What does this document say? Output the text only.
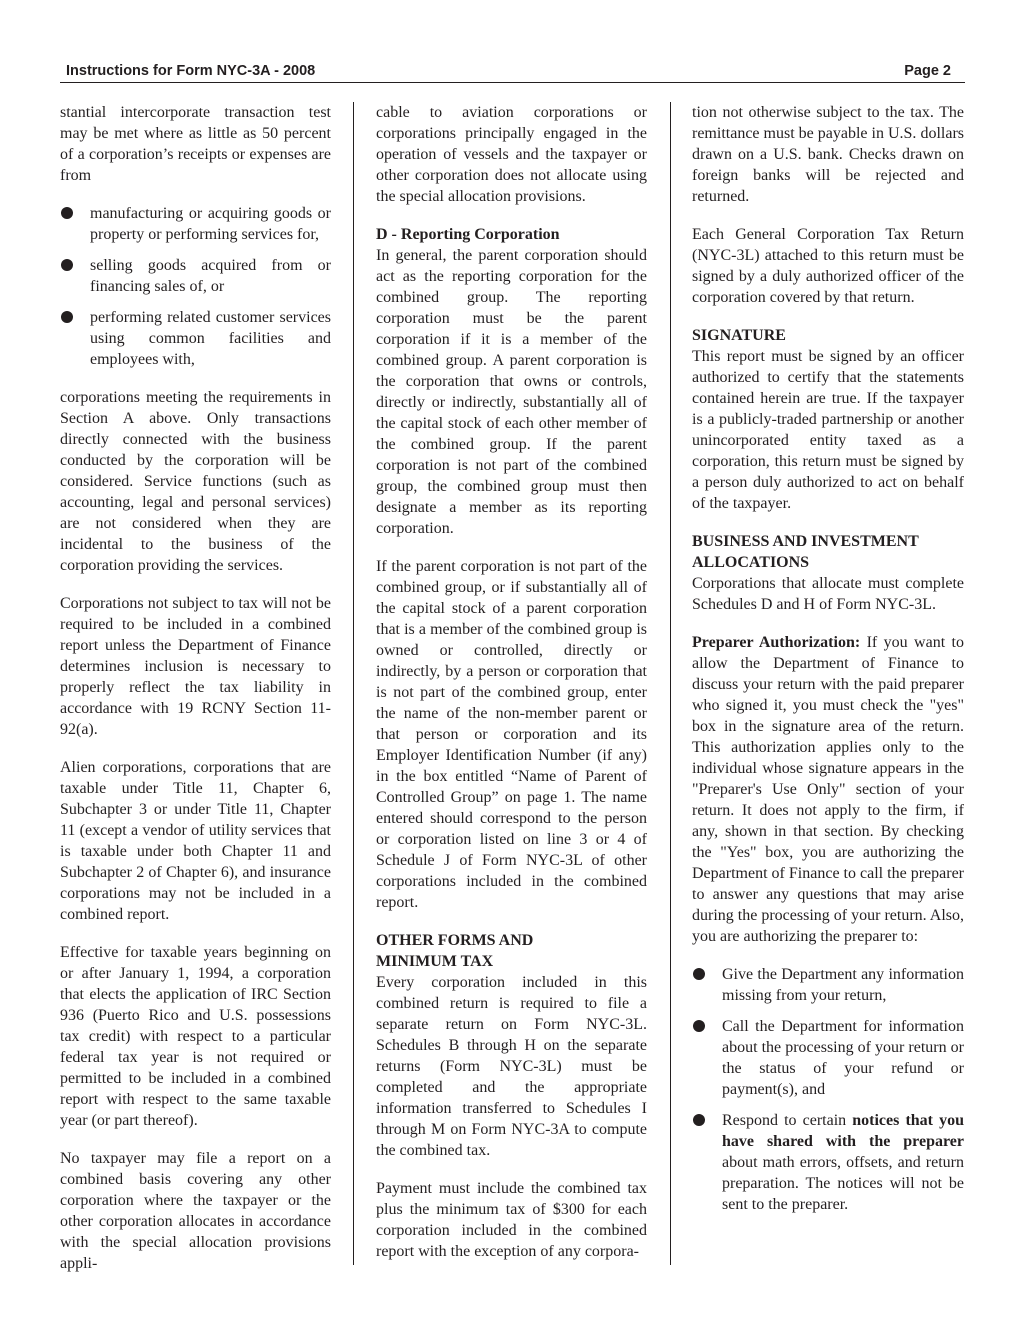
Instructions for Form NYC-3A - 2008	Page 2

stantial intercorporate transaction test may be met where as little as 50 percent of a corporation’s receipts or expenses are from

manufacturing or acquiring goods or property or performing services for,
selling goods acquired from or financing sales of, or
performing related customer services using common facilities and employees with,

corporations meeting the requirements in Section A above. Only transactions directly connected with the business conducted by the corporation will be considered. Service functions (such as accounting, legal and personal services) are not considered when they are incidental to the business of the corporation providing the services.

Corporations not subject to tax will not be required to be included in a combined report unless the Department of Finance determines inclusion is necessary to properly reflect the tax liability in accordance with 19 RCNY Section 11-92(a).

Alien corporations, corporations that are taxable under Title 11, Chapter 6, Subchapter 3 or under Title 11, Chapter 11 (except a vendor of utility services that is taxable under both Chapter 11 and Subchapter 2 of Chapter 6), and insurance corporations may not be included in a combined report.

Effective for taxable years beginning on or after January 1, 1994, a corporation that elects the application of IRC Section 936 (Puerto Rico and U.S. possessions tax credit) with respect to a particular federal tax year is not required or permitted to be included in a combined report with respect to the same taxable year (or part thereof).

No taxpayer may file a report on a combined basis covering any other corporation where the taxpayer or the other corporation allocates in accordance with the special allocation provisions appli-

cable to aviation corporations or corporations principally engaged in the operation of vessels and the taxpayer or other corporation does not allocate using the special allocation provisions.

D - Reporting Corporation
In general, the parent corporation should act as the reporting corporation for the combined group. The reporting corporation must be the parent corporation if it is a member of the combined group. A parent corporation is the corporation that owns or controls, directly or indirectly, substantially all of the capital stock of each other member of the combined group. If the parent corporation is not part of the combined group, the combined group must then designate a member as its reporting corporation.

If the parent corporation is not part of the combined group, or if substantially all of the capital stock of a parent corporation that is a member of the combined group is owned or controlled, directly or indirectly, by a person or corporation that is not part of the combined group, enter the name of the non-member parent or that person or corporation and its Employer Identification Number (if any) in the box entitled “Name of Parent of Controlled Group” on page 1. The name entered should correspond to the person or corporation listed on line 3 or 4 of Schedule J of Form NYC-3L of other corporations included in the combined report.

OTHER FORMS AND
MINIMUM TAX
Every corporation included in this combined return is required to file a separate return on Form NYC-3L. Schedules B through H on the separate returns (Form NYC-3L) must be completed and the appropriate information transferred to Schedules I through M on Form NYC-3A to compute the combined tax.

Payment must include the combined tax plus the minimum tax of $300 for each corporation included in the combined report with the exception of any corpora-

tion not otherwise subject to the tax. The remittance must be payable in U.S. dollars drawn on a U.S. bank. Checks drawn on foreign banks will be rejected and returned.

Each General Corporation Tax Return (NYC-3L) attached to this return must be signed by a duly authorized officer of the corporation covered by that return.

SIGNATURE
This report must be signed by an officer authorized to certify that the statements contained herein are true. If the taxpayer is a publicly-traded partnership or another unincorporated entity taxed as a corporation, this return must be signed by a person duly authorized to act on behalf of the taxpayer.
BUSINESS AND INVESTMENT
ALLOCATIONS
Corporations that allocate must complete Schedules D and H of Form NYC-3L.

Preparer Authorization: If you want to allow the Department of Finance to discuss your return with the paid preparer who signed it, you must check the "yes" box in the signature area of the return. This authorization applies only to the individual whose signature appears in the "Preparer's Use Only" section of your return. It does not apply to the firm, if any, shown in that section. By checking the "Yes" box, you are authorizing the Department of Finance to call the preparer to answer any questions that may arise during the processing of your return. Also, you are authorizing the preparer to:

Give the Department any information missing from your return,
Call the Department for information about the processing of your return or the status of your refund or payment(s), and
Respond to certain notices that you have shared with the preparer about math errors, offsets, and return preparation. The notices will not be sent to the preparer.
